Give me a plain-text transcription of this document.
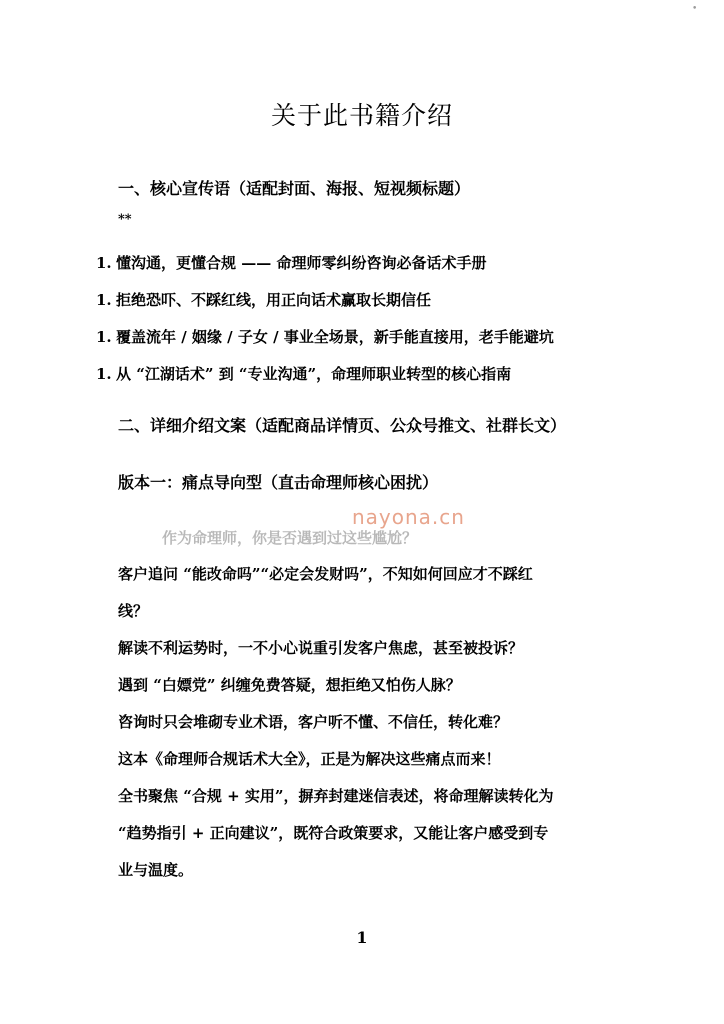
•
关于此书籍介绍
一、核心宣传语（适配封面、海报、短视频标题）
**
1. 懂沟通，更懂合规 —— 命理师零纠纷咨询必备话术手册
1. 拒绝恐吓、不踩红线，用正向话术赢取长期信任
1. 覆盖流年 / 姻缘 / 子女 / 事业全场景，新手能直接用，老手能避坑
1. 从 “江湖话术” 到 “专业沟通”，命理师职业转型的核心指南
二、详细介绍文案（适配商品详情页、公众号推文、社群长文）
版本一：痛点导向型（直击命理师核心困扰）
nayona.cn
作为命理师，你是否遇到过这些尴尬？
客户追问 “能改命吗”“必定会发财吗”，不知如何回应才不踩红
线？
解读不利运势时，一不小心说重引发客户焦虑，甚至被投诉？
遇到 “白嫖党” 纠缠免费答疑，想拒绝又怕伤人脉？
咨询时只会堆砌专业术语，客户听不懂、不信任，转化难？
这本《命理师合规话术大全》，正是为解决这些痛点而来！
全书聚焦 “合规 + 实用”，摒弃封建迷信表述，将命理解读转化为
“趋势指引 + 正向建议”，既符合政策要求，又能让客户感受到专
业与温度。
1
